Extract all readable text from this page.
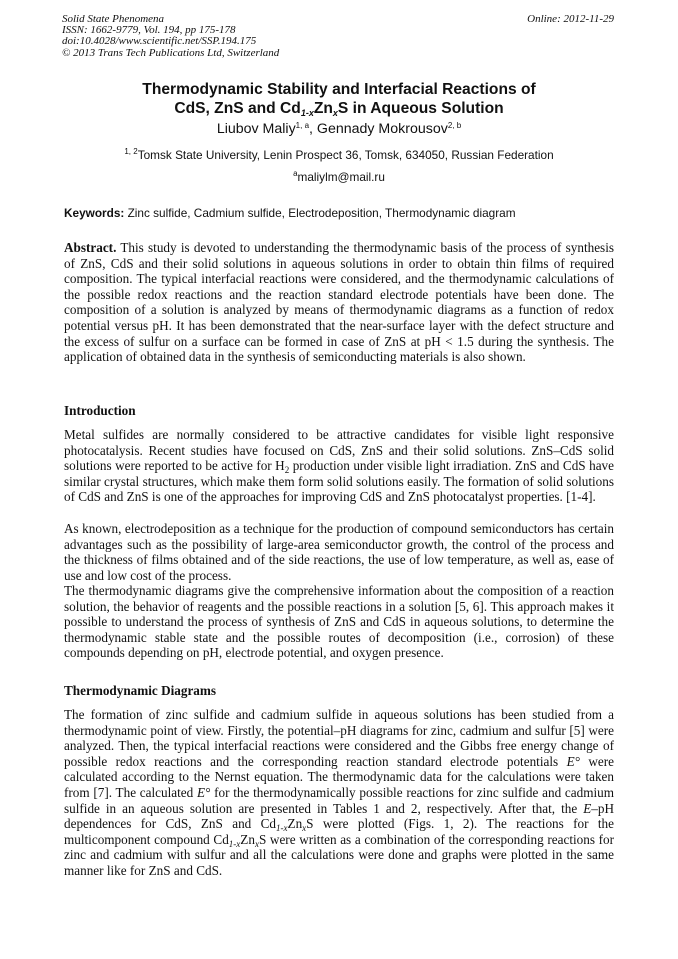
Solid State Phenomena
ISSN: 1662-9779, Vol. 194, pp 175-178
doi:10.4028/www.scientific.net/SSP.194.175
© 2013 Trans Tech Publications Ltd, Switzerland
Online: 2012-11-29
Thermodynamic Stability and Interfacial Reactions of
CdS, ZnS and $Cd_{1-x}Zn_xS$ in Aqueous Solution
Liubov Maliy$^{1, a}$, Gennady Mokrousov$^{2, b}$
$^{1, 2}$Tomsk State University, Lenin Prospect 36, Tomsk, 634050, Russian Federation
$^a$maliylm@mail.ru
Keywords: Zinc sulfide, Cadmium sulfide, Electrodeposition, Thermodynamic diagram
Abstract. This study is devoted to understanding the thermodynamic basis of the process of synthesis of ZnS, CdS and their solid solutions in aqueous solutions in order to obtain thin films of required composition. The typical interfacial reactions were considered, and the thermodynamic calculations of the possible redox reactions and the reaction standard electrode potentials have been done. The composition of a solution is analyzed by means of thermodynamic diagrams as a function of redox potential versus pH. It has been demonstrated that the near-surface layer with the defect structure and the excess of sulfur on a surface can be formed in case of ZnS at pH < 1.5 during the synthesis. The application of obtained data in the synthesis of semiconducting materials is also shown.
Introduction
Metal sulfides are normally considered to be attractive candidates for visible light responsive photocatalysis. Recent studies have focused on CdS, ZnS and their solid solutions. ZnS–CdS solid solutions were reported to be active for $H_2$ production under visible light irradiation. ZnS and CdS have similar crystal structures, which make them form solid solutions easily. The formation of solid solutions of CdS and ZnS is one of the approaches for improving CdS and ZnS photocatalyst properties. [1-4].
As known, electrodeposition as a technique for the production of compound semiconductors has certain advantages such as the possibility of large-area semiconductor growth, the control of the process and the thickness of films obtained and of the side reactions, the use of low temperature, as well as, ease of use and low cost of the process.
The thermodynamic diagrams give the comprehensive information about the composition of a reaction solution, the behavior of reagents and the possible reactions in a solution [5, 6]. This approach makes it possible to understand the process of synthesis of ZnS and CdS in aqueous solutions, to determine the thermodynamic stable state and the possible routes of decomposition (i.e., corrosion) of these compounds depending on pH, electrode potential, and oxygen presence.
Thermodynamic Diagrams
The formation of zinc sulfide and cadmium sulfide in aqueous solutions has been studied from a thermodynamic point of view. Firstly, the potential–pH diagrams for zinc, cadmium and sulfur [5] were analyzed. Then, the typical interfacial reactions were considered and the Gibbs free energy change of possible redox reactions and the corresponding reaction standard electrode potentials E° were calculated according to the Nernst equation. The thermodynamic data for the calculations were taken from [7]. The calculated E° for the thermodynamically possible reactions for zinc sulfide and cadmium sulfide in an aqueous solution are presented in Tables 1 and 2, respectively. After that, the E–pH dependences for CdS, ZnS and $Cd_{1-x}Zn_xS$ were plotted (Figs. 1, 2). The reactions for the multicomponent compound $Cd_{1-x}Zn_xS$ were written as a combination of the corresponding reactions for zinc and cadmium with sulfur and all the calculations were done and graphs were plotted in the same manner like for ZnS and CdS.
